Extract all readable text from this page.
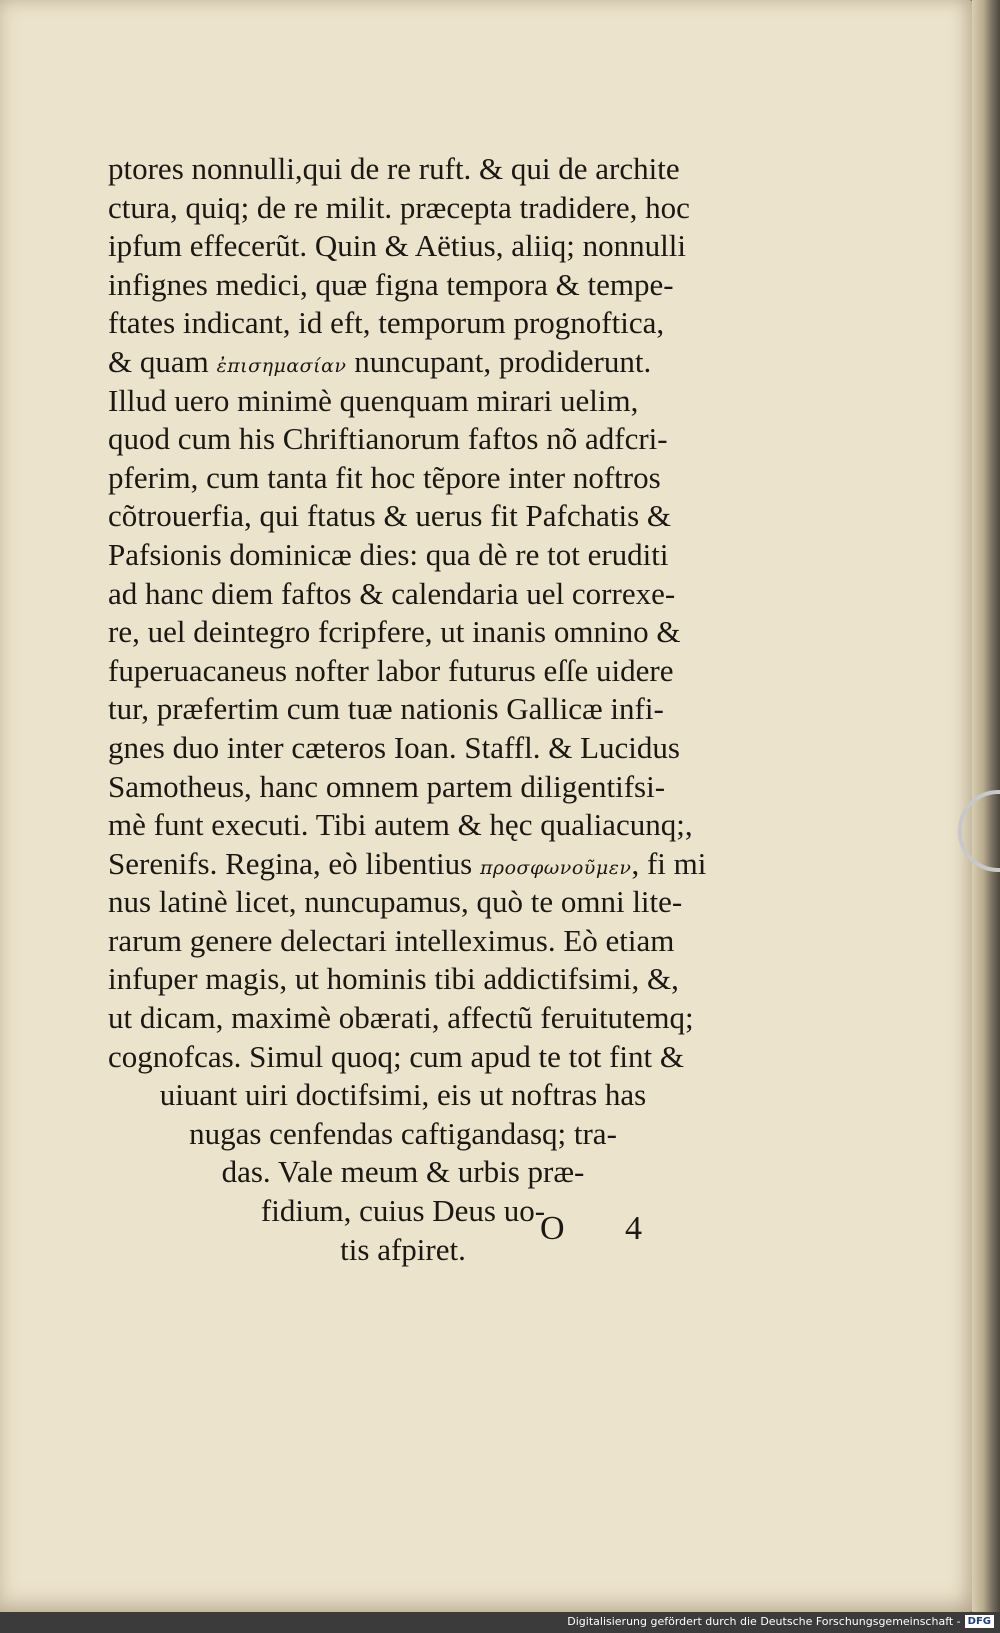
ptores nonnulli,qui de re ruft. & qui de archite
ctura, quiq; de re milit. præcepta tradidere, hoc
ipfum effecerũt. Quin & Aëtius, aliiq; nonnulli
infignes medici, quæ figna tempora & tempe-
ftates indicant, id eft, temporum prognoftica,
& quam ἐπισημασίαν nuncupant, prodiderunt.
Illud uero minimè quenquam mirari uelim,
quod cum his Chriftianorum faftos nõ adfcri-
pferim, cum tanta fit hoc tẽpore inter noftros
cõtrouerfia, qui ftatus & uerus fit Pafchatis &
Pafsionis dominicæ dies: qua dè re tot eruditi
ad hanc diem faftos & calendaria uel correxe-
re, uel deintegro fcripfere, ut inanis omnino &
fuperuacaneus nofter labor futurus eſſe uidere
tur, præfertim cum tuæ nationis Gallicæ infi-
gnes duo inter cæteros Ioan. Staffl. & Lucidus
Samotheus, hanc omnem partem diligentifsi-
mè funt executi. Tibi autem & hęc qualiacunq;,
Serenifs. Regina, eò libentius προσφωνοῦμεν, fi mi
nus latinè licet, nuncupamus, quò te omni lite-
rarum genere delectari intelleximus. Eò etiam
infuper magis, ut hominis tibi addictifsimi, &,
ut dicam, maximè obærati, affectũ feruitutemq;
cognofcas. Simul quoq; cum apud te tot fint &
uiuant uiri doctifsimi, eis ut noftras has
nugas cenfendas caftigandasq; tra-
das. Vale meum & urbis præ-
fidium, cuius Deus uo-
tis afpiret.
O 4
Digitalisierung gefördert durch die Deutsche Forschungsgemeinschaft - DFG
